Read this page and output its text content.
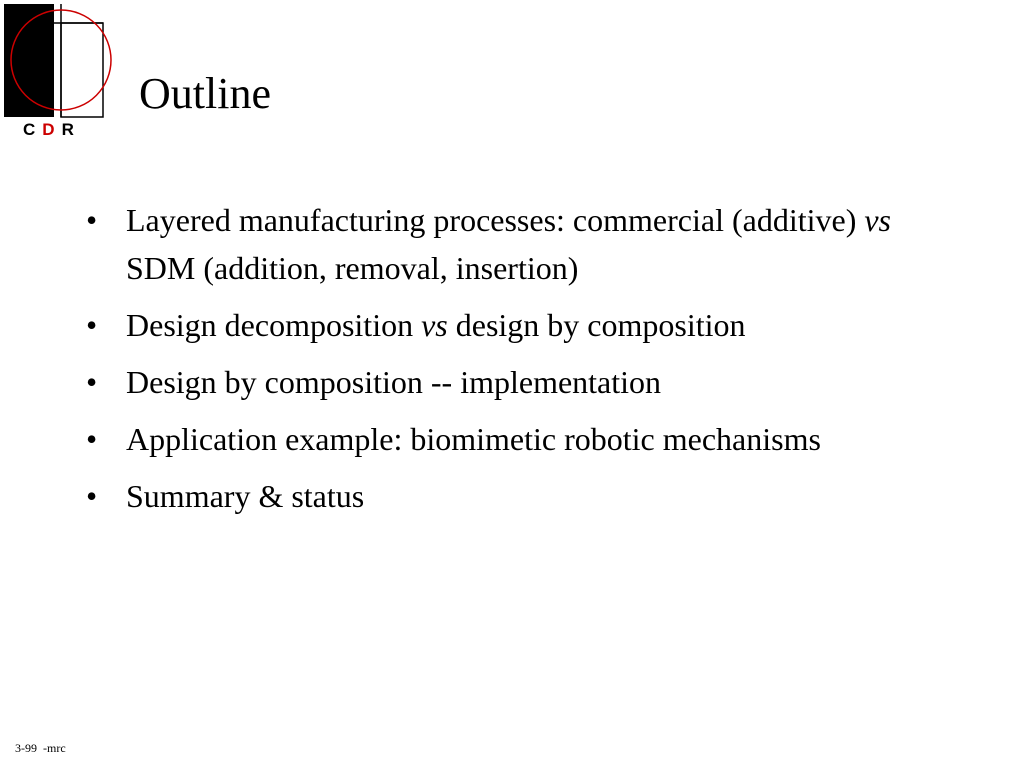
C D R
Outline
• Layered manufacturing processes: commercial (additive) vs SDM (addition, removal, insertion)
• Design decomposition vs design by composition
• Design by composition -- implementation
• Application example: biomimetic robotic mechanisms
• Summary & status
3-99  -mrc
